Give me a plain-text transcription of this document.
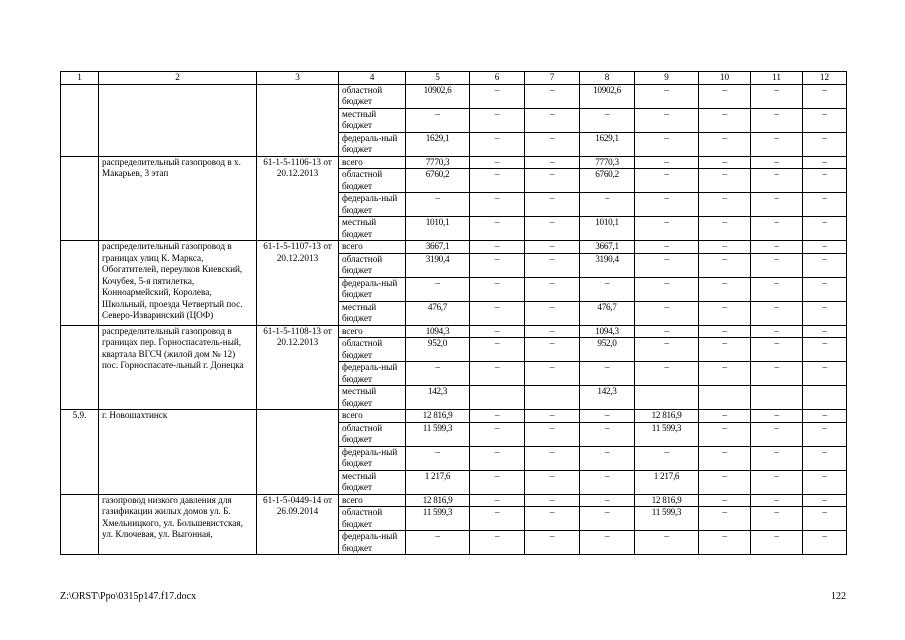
1	2	3	4	5	6	7	8	9	10	11	12
			областной бюджет	10902,6	–	–	10902,6	–	–	–	–
			местный бюджет	–	–	–	–	–	–	–	–
			федераль-ный бюджет	1629,1	–	–	1629,1	–	–	–	–
	распределительный газопровод в х. Макарьев, 3 этап	61-1-5-1106-13 от 20.12.2013	всего	7770,3	–	–	7770,3	–	–	–	–
			областной бюджет	6760,2	–	–	6760,2	–	–	–	–
			федераль-ный бюджет	–	–	–	–	–	–	–	–
			местный бюджет	1010,1	–	–	1010,1	–	–	–	–
	распределительный газопровод в границах улиц К. Маркса, Обогатителей, переулков Киевский, Кочубея, 5-я пятилетка, Конноармейский, Королева, Школьный, проезда Четвертый пос. Северо-Изваринский (ЦОФ)	61-1-5-1107-13 от 20.12.2013	всего	3667,1	–	–	3667,1	–	–	–	–
			областной бюджет	3190,4	–	–	3190,4	–	–	–	–
			федераль-ный бюджет	–	–	–	–	–	–	–	–
			местный бюджет	476,7	–	–	476,7	–	–	–	–
	распределительный газопровод в границах пер. Горноспасатель-ный, квартала ВГСЧ (жилой дом № 12) пос. Горноспасате-льный г. Донецка	61-1-5-1108-13 от 20.12.2013	всего	1094,3	–	–	1094,3	–	–	–	–
			областной бюджет	952,0	–	–	952,0	–	–	–	–
			федераль-ный бюджет	–	–	–	–	–	–	–	–
			местный бюджет	142,3			142,3				
5.9.	г. Новошахтинск		всего	12 816,9	–	–	–	12 816,9	–	–	–
			областной бюджет	11 599,3	–	–	–	11 599,3	–	–	–
			федераль-ный бюджет	–	–	–	–	–	–	–	–
			местный бюджет	1 217,6	–	–	–	1 217,6	–	–	–
	газопровод низкого давления для газификации жилых домов ул. Б. Хмельницкого, ул. Большевистская, ул. Ключевая, ул. Выгонная,	61-1-5-0449-14 от 26.09.2014	всего	12 816,9	–	–	–	12 816,9	–	–	–
			областной бюджет	11 599,3	–	–	–	11 599,3	–	–	–
			федераль-ный бюджет	–	–	–	–	–	–	–	–
Z:\ORST\Ppo\0315p147.f17.docx	122
